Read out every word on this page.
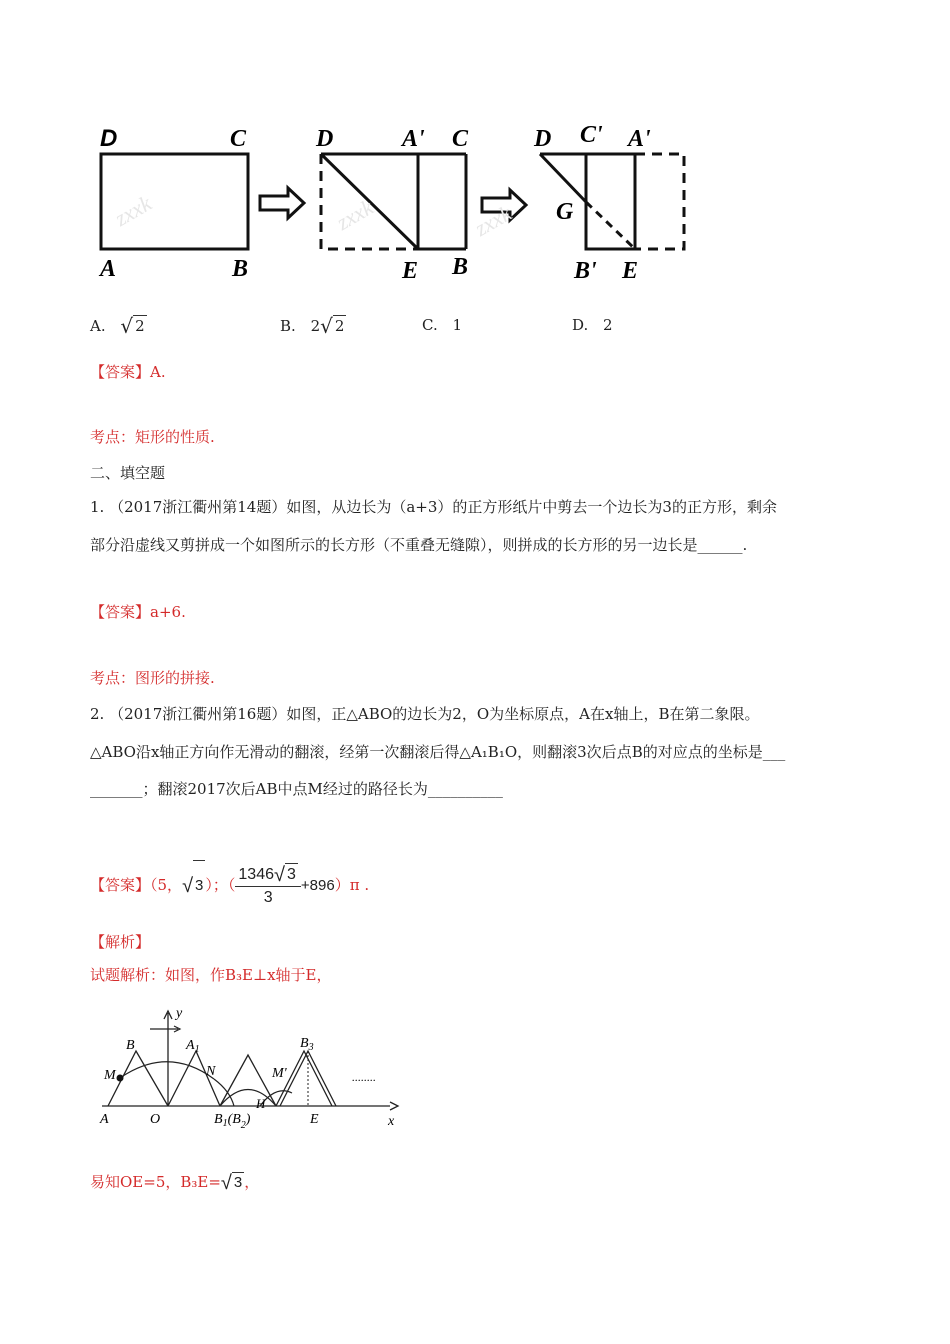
D	C
A	B
D	A' C
E B
D C' A'
G
B' E
zxxk	zxxk	zxxk
A. √ 2	B. 2√ 2	C. 1	D. 2
【答案】A.
考点：矩形的性质.
二、填空题
1. （2017浙江衢州第14题）如图，从边长为（a+3）的正方形纸片中剪去一个边长为3的正方形，剩余
部分沿虚线又剪拼成一个如图所示的长方形（不重叠无缝隙），则拼成的长方形的另一边长是______.
【答案】a+6.
考点：图形的拼接.
2. （2017浙江衢州第16题）如图，正△ABO的边长为2，O为坐标原点，A在x轴上，B在第二象限。
△ABO沿x轴正方向作无滑动的翻滚，经第一次翻滚后得△A₁B₁O，则翻滚3次后点B的对应点的坐标是___
_______；翻滚2017次后AB中点M经过的路径长为__________
【答案】（5，√ 3 ）；（ $\frac{1346√ 3}{3} +896)\pi$ .
【解析】
试题解析：如图，作B₃E⊥x轴于E，
y
x
B	$A_1$
M	N
A	O	$B_1(B_2)$
H
M'
$B_3$
E
........
易知OE=5，B₃E=√ 3 ，
